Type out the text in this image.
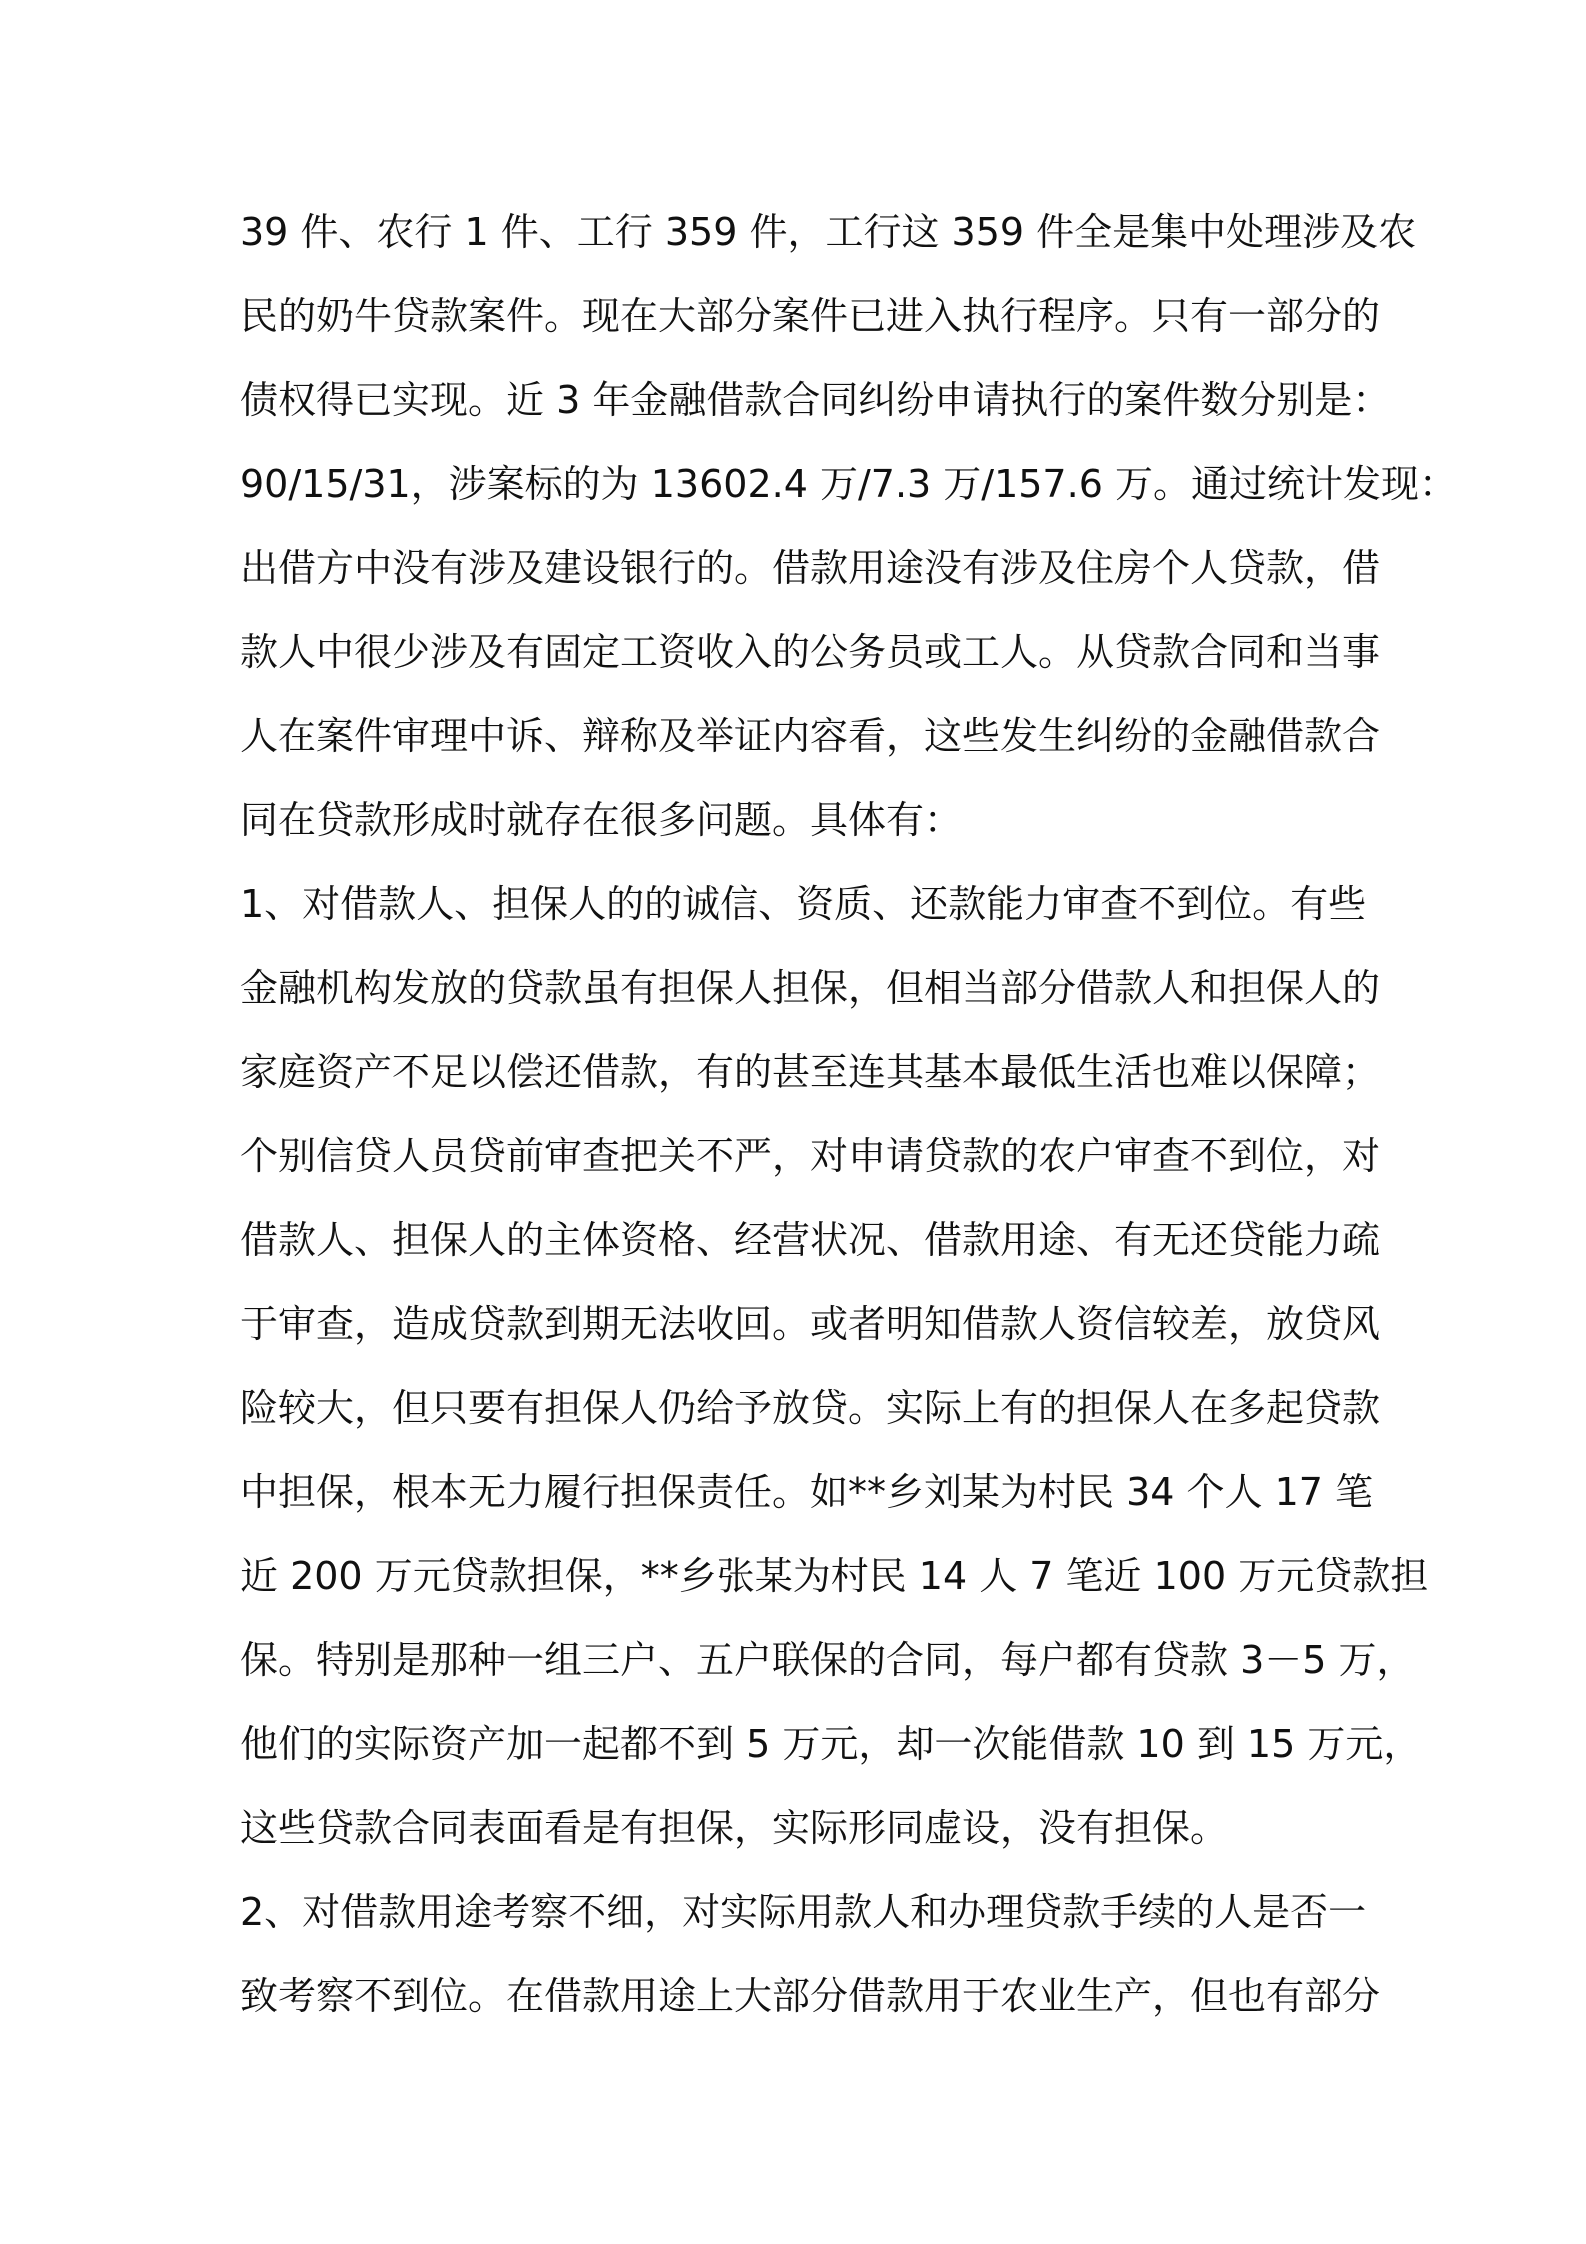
39 件、农行 1 件、工行 359 件，工行这 359 件全是集中处理涉及农
民的奶牛贷款案件。现在大部分案件已进入执行程序。只有一部分的
债权得已实现。近 3 年金融借款合同纠纷申请执行的案件数分别是：
90/15/31，涉案标的为 13602.4 万/7.3 万/157.6 万。通过统计发现：
出借方中没有涉及建设银行的。借款用途没有涉及住房个人贷款，借
款人中很少涉及有固定工资收入的公务员或工人。从贷款合同和当事
人在案件审理中诉、辩称及举证内容看，这些发生纠纷的金融借款合
同在贷款形成时就存在很多问题。具体有：
1、对借款人、担保人的的诚信、资质、还款能力审查不到位。有些
金融机构发放的贷款虽有担保人担保，但相当部分借款人和担保人的
家庭资产不足以偿还借款，有的甚至连其基本最低生活也难以保障；
个别信贷人员贷前审查把关不严，对申请贷款的农户审查不到位，对
借款人、担保人的主体资格、经营状况、借款用途、有无还贷能力疏
于审查，造成贷款到期无法收回。或者明知借款人资信较差，放贷风
险较大，但只要有担保人仍给予放贷。实际上有的担保人在多起贷款
中担保，根本无力履行担保责任。如**乡刘某为村民 34 个人 17 笔
近 200 万元贷款担保，**乡张某为村民 14 人 7 笔近 100 万元贷款担
保。特别是那种一组三户、五户联保的合同，每户都有贷款 3－5 万，
他们的实际资产加一起都不到 5 万元，却一次能借款 10 到 15 万元，
这些贷款合同表面看是有担保，实际形同虚设，没有担保。
2、对借款用途考察不细，对实际用款人和办理贷款手续的人是否一
致考察不到位。在借款用途上大部分借款用于农业生产，但也有部分
